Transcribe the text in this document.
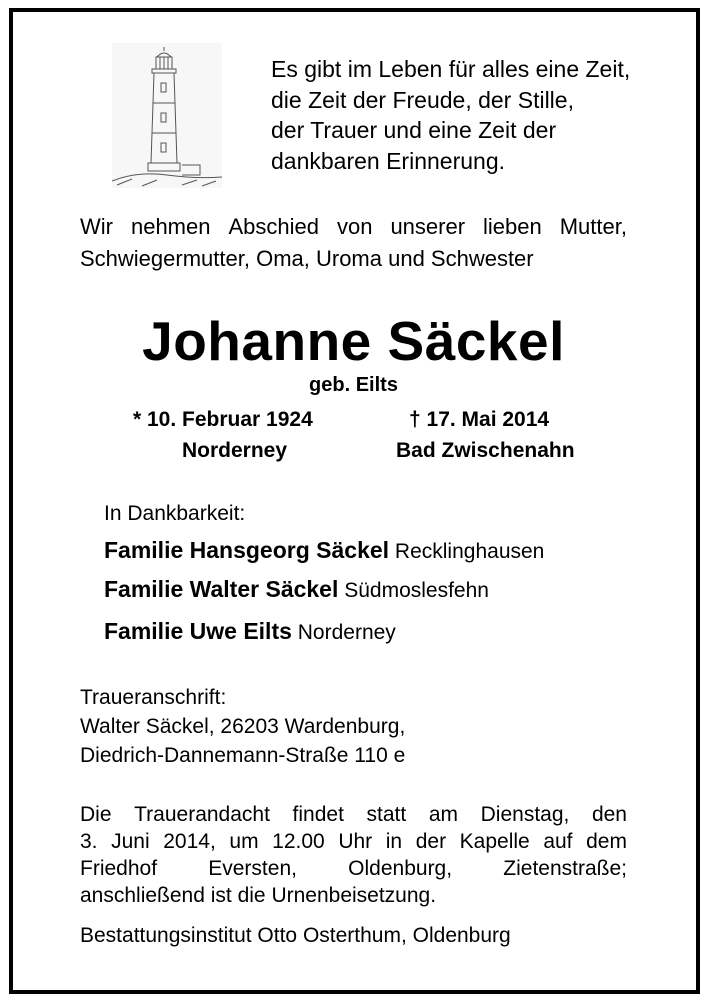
Es gibt im Leben für alles eine Zeit,
die Zeit der Freude, der Stille,
der Trauer und eine Zeit der
dankbaren Erinnerung.
Wir nehmen Abschied von unserer lieben Mutter,
Schwiegermutter, Oma, Uroma und Schwester
Johanne Säckel
geb. Eilts
* 10. Februar 1924	† 17. Mai 2014
Norderney	Bad Zwischenahn
In Dankbarkeit:
Familie Hansgeorg Säckel Recklinghausen
Familie Walter Säckel Südmoslesfehn
Familie Uwe Eilts Norderney
Traueranschrift:
Walter Säckel, 26203 Wardenburg,
Diedrich-Dannemann-Straße 110 e
Die Trauerandacht findet statt am Dienstag, den
3. Juni 2014, um 12.00 Uhr in der Kapelle auf dem
Friedhof Eversten, Oldenburg, Zietenstraße;
anschließend ist die Urnenbeisetzung.
Bestattungsinstitut Otto Osterthum, Oldenburg
